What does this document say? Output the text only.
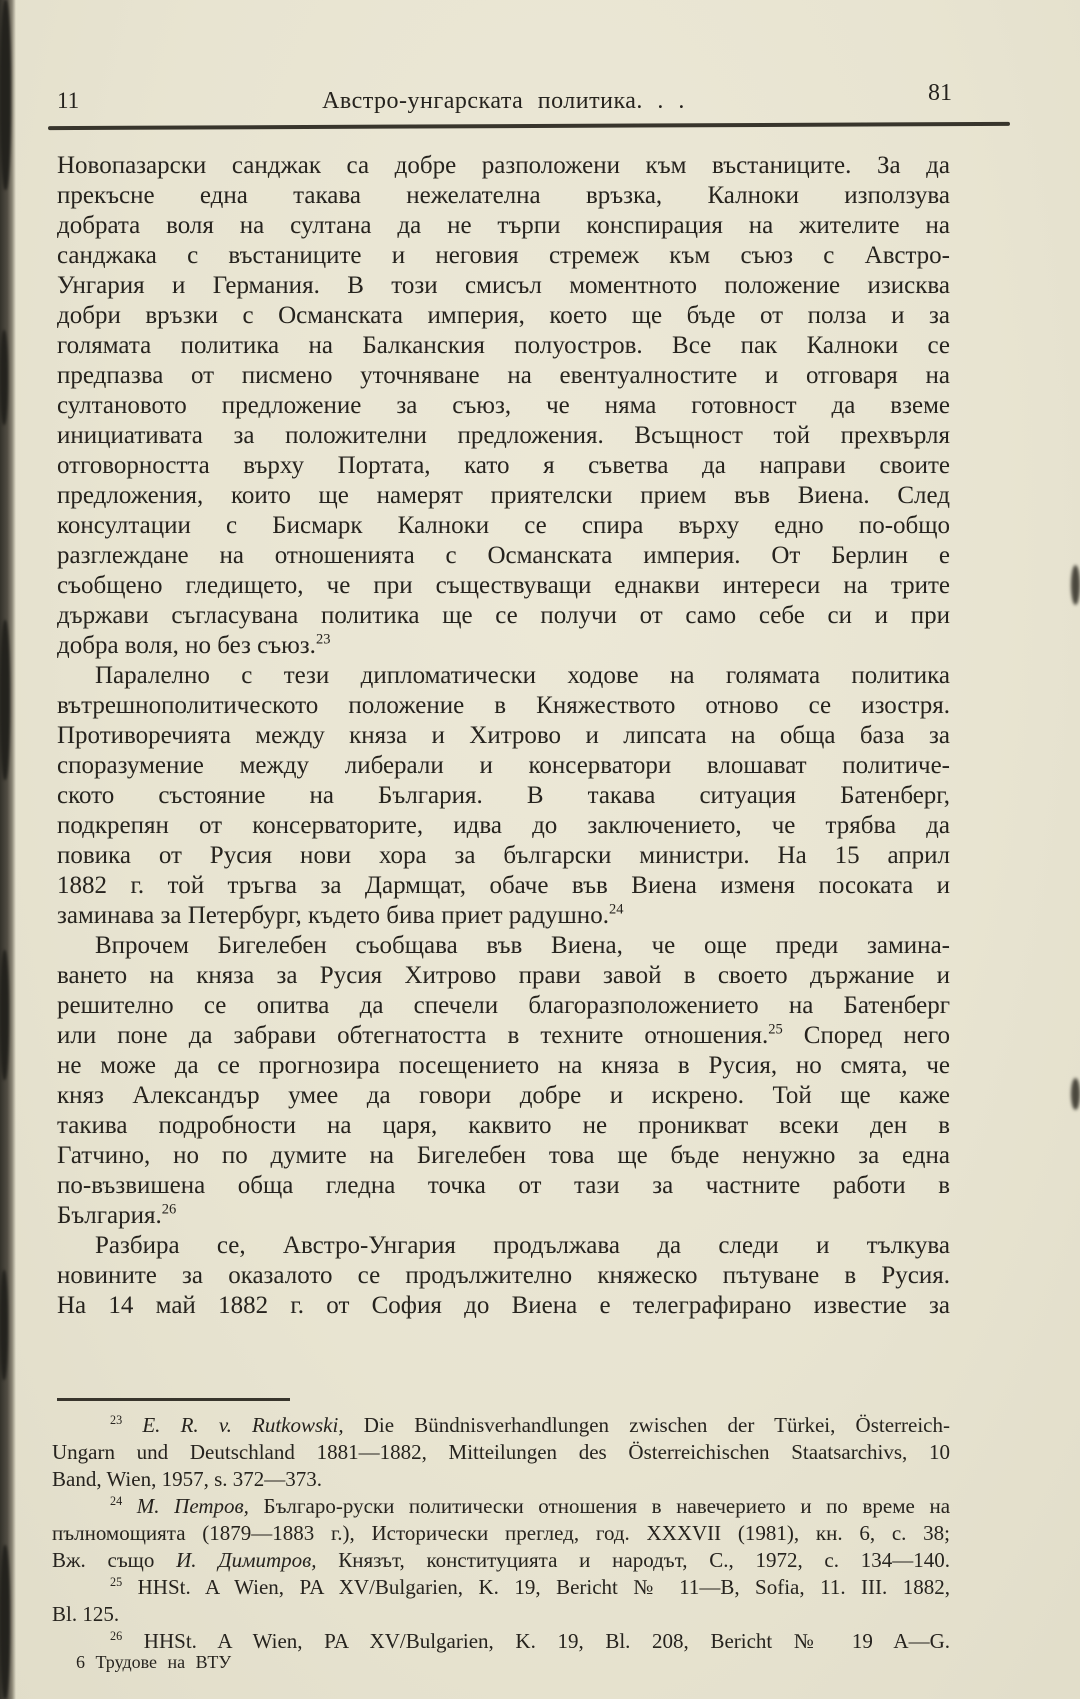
11	Австро-унгарската политика. . .	81
Новопазарски санджак са добре разположени към въстаниците. За да
прекъсне една такава нежелателна връзка, Калноки използува
добрата воля на султана да не търпи конспирация на жителите на
санджака с въстаниците и неговия стремеж към съюз с Австро-
Унгария и Германия. В този смисъл моментното положение изисква
добри връзки с Османската империя, което ще бъде от полза и за
голямата политика на Балканския полуостров. Все пак Калноки се
предпазва от писмено уточняване на евентуалностите и отговаря на
султановото предложение за съюз, че няма готовност да вземе
инициативата за положителни предложения. Всъщност той прехвърля
отговорността върху Портата, като я съветва да направи своите
предложения, които ще намерят приятелски прием във Виена. След
консултации с Бисмарк Калноки се спира върху едно по-общо
разглеждане на отношенията с Османската империя. От Берлин е
съобщено гледището, че при съществуващи еднакви интереси на трите
държави съгласувана политика ще се получи от само себе си и при
добра воля, но без съюз.$^{23}$
Паралелно с тези дипломатически ходове на голямата политика
вътрешнополитическото положение в Княжеството отново се изостря.
Противоречията между княза и Хитрово и липсата на обща база за
споразумение между либерали и консерватори влошават политиче-
ското състояние на България. В такава ситуация Батенберг,
подкрепян от консерваторите, идва до заключението, че трябва да
повика от Русия нови хора за български министри. На 15 април
1882 г. той тръгва за Дармщат, обаче във Виена изменя посоката и
заминава за Петербург, където бива приет радушно.$^{24}$
Впрочем Бигелебен съобщава във Виена, че още преди замина-
ването на княза за Русия Хитрово прави завой в своето държание и
решително се опитва да спечели благоразположението на Батенберг
или поне да забрави обтегнатостта в техните отношения.$^{25}$ Според него
не може да се прогнозира посещението на княза в Русия, но смята, че
княз Александър умее да говори добре и искрено. Той ще каже
такива подробности на царя, каквито не проникват всеки ден в
Гатчино, но по думите на Бигелебен това ще бъде ненужно за една
по-възвишена обща гледна точка от тази за частните работи в
България.$^{26}$
Разбира се, Австро-Унгария продължава да следи и тълкува
новините за оказалото се продължително княжеско пътуване в Русия.
На 14 май 1882 г. от София до Виена е телеграфирано известие за
$^{23}$ E. R. v. Rutkowski, Die Bündnisverhandlungen zwischen der Türkei, Österreich-
Ungarn und Deutschland 1881—1882, Mitteilungen des Österreichischen Staatsarchivs, 10
Band, Wien, 1957, s. 372—373.
$^{24}$ М. Петров, Българо-руски политически отношения в навечерието и по време на
пълномощията (1879—1883 г.), Исторически преглед, год. XXXVII (1981), кн. 6, с. 38;
Вж. също И. Димитров, Князът, конституцията и народът, С., 1972, с. 134—140.
$^{25}$ HHSt. A Wien, PA XV/Bulgarien, K. 19, Bericht № 11—B, Sofia, 11. III. 1882,
Bl. 125.
$^{26}$ HHSt. A Wien, PA XV/Bulgarien, K. 19, Bl. 208, Bericht № 19 A—G.
6 Трудове на ВТУ
